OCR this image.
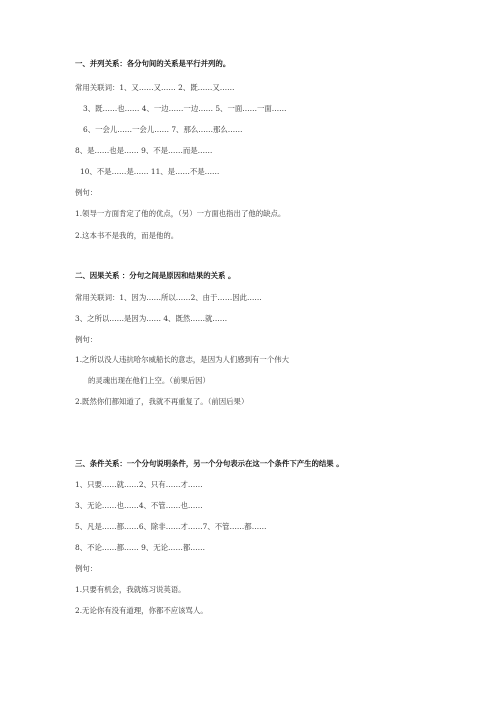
一、并列关系：各分句间的关系是平行并列的。
常用关联词：1、又……又…… 2、既……又……
3、既……也…… 4、一边……一边…… 5、一面……一面……
6、一会儿……一会儿…… 7、那么……那么……
8、是……也是…… 9、不是……而是……
10、不是……是…… 11、是……不是……
例句：
1.领导一方面肯定了他的优点，（另）一方面也指出了他的缺点。
2.这本书不是我的，而是他的。
二、因果关系 ：分句之间是原因和结果的关系 。
常用关联词：1、因为……所以……2、由于……因此……
3、之所以……是因为…… 4、既然……就……
例句：
1.之所以没人违抗哈尔威船长的意志，是因为人们感到有一个伟大
的灵魂出现在他们上空。（前果后因）
2.既然你们都知道了，我就不再重复了。（前因后果）
三、条件关系：一个分句说明条件，另一个分句表示在这一个条件下产生的结果 。
1、只要……就……2、只有……才……
3、无论……也……4、不管……也……
5、凡是……都……6、除非……才……7、不管……都……
8、不论……都…… 9、无论……都……
例句：
1.只要有机会，我就练习说英语。
2.无论你有没有道理，你都不应该骂人。
